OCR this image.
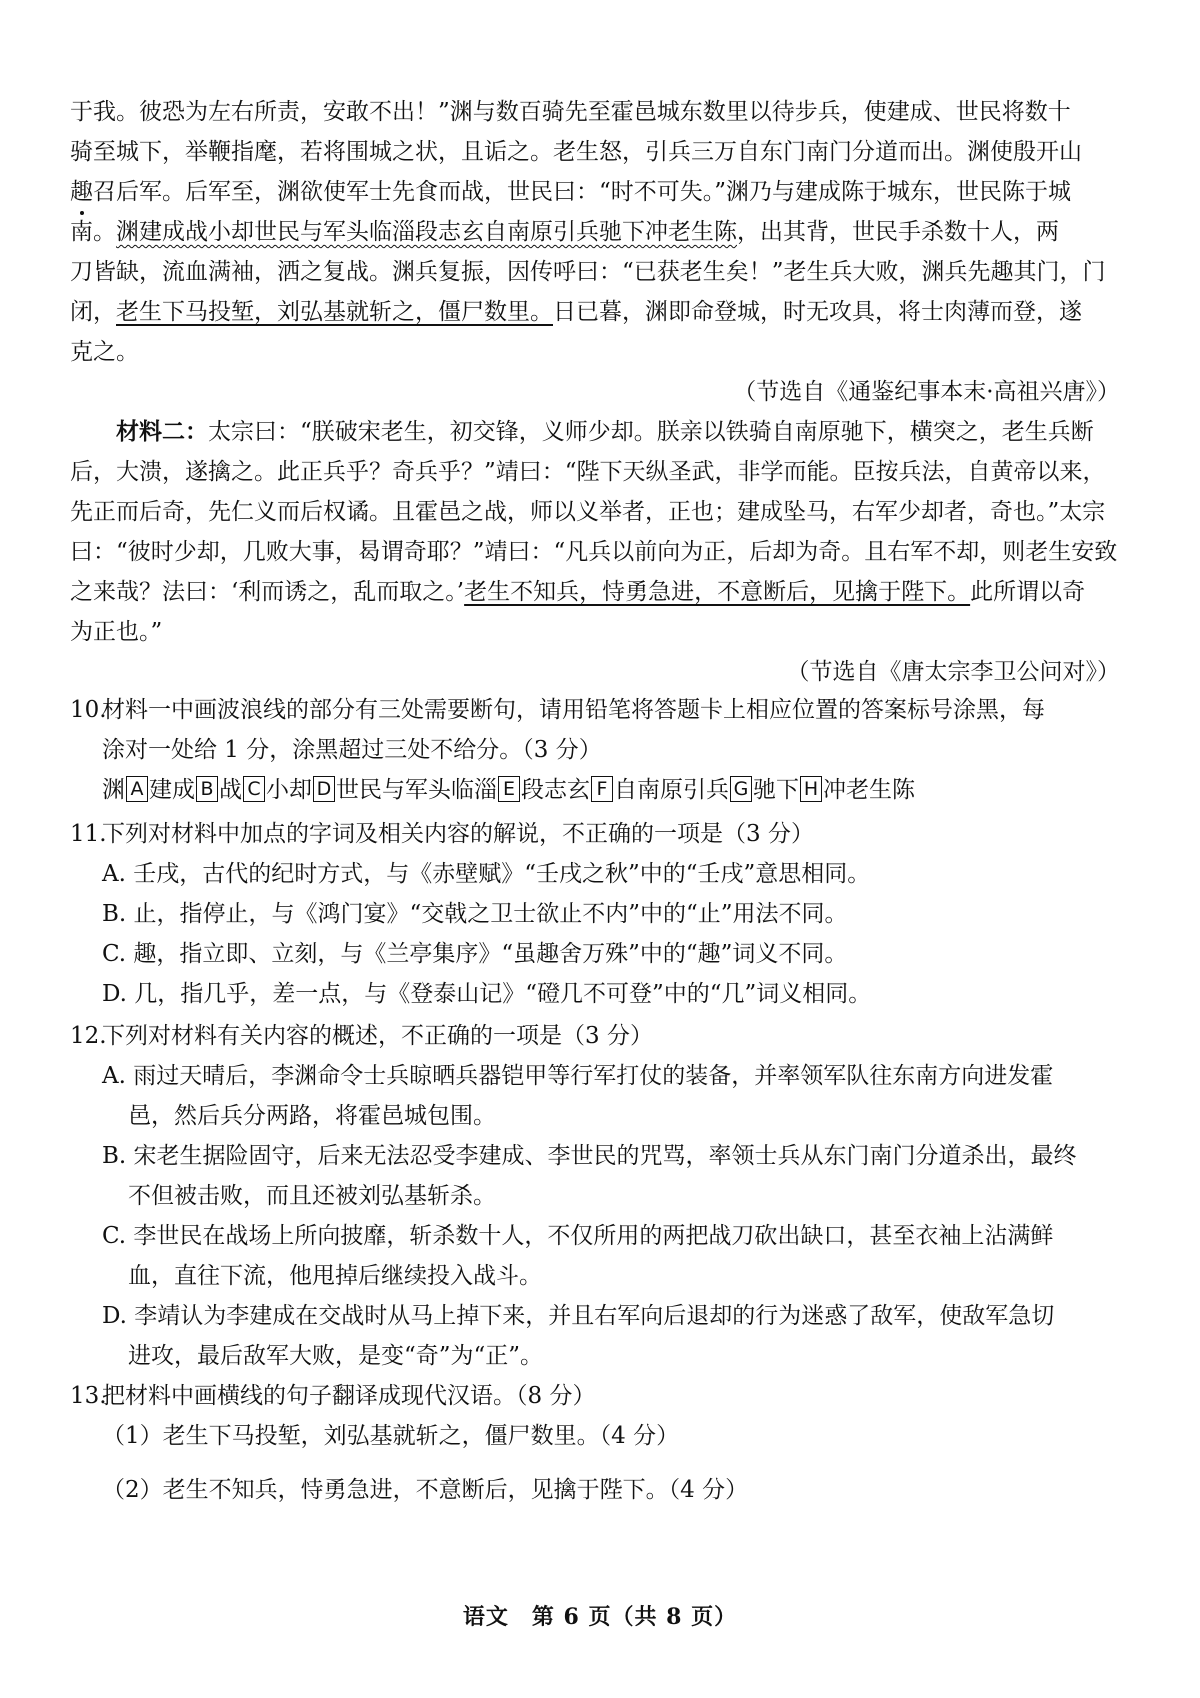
于我。彼恐为左右所责，安敢不出！”渊与数百骑先至霍邑城东数里以待步兵，使建成、世民将数十
骑至城下，举鞭指麾，若将围城之状，且诟之。老生怒，引兵三万自东门南门分道而出。渊使殷开山
趣召后军。后军至，渊欲使军士先食而战，世民曰：“时不可失。”渊乃与建成陈于城东，世民陈于城
南。渊建成战小却世民与军头临淄段志玄自南原引兵驰下冲老生陈，出其背，世民手杀数十人，两
刀皆缺，流血满袖，洒之复战。渊兵复振，因传呼曰：“已获老生矣！”老生兵大败，渊兵先趣其门，门
闭，老生下马投堑，刘弘基就斩之，僵尸数里。日已暮，渊即命登城，时无攻具，将士肉薄而登，遂
克之。
（节选自《通鉴纪事本末·高祖兴唐》）
材料二：太宗曰：“朕破宋老生，初交锋，义师少却。朕亲以铁骑自南原驰下，横突之，老生兵断
后，大溃，遂擒之。此正兵乎？奇兵乎？”靖曰：“陛下天纵圣武，非学而能。臣按兵法，自黄帝以来，
先正而后奇，先仁义而后权谲。且霍邑之战，师以义举者，正也；建成坠马，右军少却者，奇也。”太宗
曰：“彼时少却，几败大事，曷谓奇耶？”靖曰：“凡兵以前向为正，后却为奇。且右军不却，则老生安致
之来哉？法曰：‘利而诱之，乱而取之。’老生不知兵，恃勇急进，不意断后，见擒于陛下。此所谓以奇
为正也。”
（节选自《唐太宗李卫公问对》）
10.材料一中画波浪线的部分有三处需要断句，请用铅笔将答题卡上相应位置的答案标号涂黑，每
涂对一处给 1 分，涂黑超过三处不给分。（3 分）
渊 A 建成 B 战 C 小却 D 世民与军头临淄 E 段志玄 F 自南原引兵 G 驰下 H 冲老生陈
11.下列对材料中加点的字词及相关内容的解说，不正确的一项是（3 分）
A. 壬戌，古代的纪时方式，与《赤壁赋》“壬戌之秋”中的“壬戌”意思相同。
B. 止，指停止，与《鸿门宴》“交戟之卫士欲止不内”中的“止”用法不同。
C. 趣，指立即、立刻，与《兰亭集序》“虽趣舍万殊”中的“趣”词义不同。
D. 几，指几乎，差一点，与《登泰山记》“磴几不可登”中的“几”词义相同。
12.下列对材料有关内容的概述，不正确的一项是（3 分）
A. 雨过天晴后，李渊命令士兵晾晒兵器铠甲等行军打仗的装备，并率领军队往东南方向进发霍
邑，然后兵分两路，将霍邑城包围。
B. 宋老生据险固守，后来无法忍受李建成、李世民的咒骂，率领士兵从东门南门分道杀出，最终
不但被击败，而且还被刘弘基斩杀。
C. 李世民在战场上所向披靡，斩杀数十人，不仅所用的两把战刀砍出缺口，甚至衣袖上沾满鲜
血，直往下流，他甩掉后继续投入战斗。
D. 李靖认为李建成在交战时从马上掉下来，并且右军向后退却的行为迷惑了敌军，使敌军急切
进攻，最后敌军大败，是变“奇”为“正”。
13.把材料中画横线的句子翻译成现代汉语。（8 分）
（1）老生下马投堑，刘弘基就斩之，僵尸数里。（4 分）
（2）老生不知兵，恃勇急进，不意断后，见擒于陛下。（4 分）
语文　第 6 页（共 8 页）
